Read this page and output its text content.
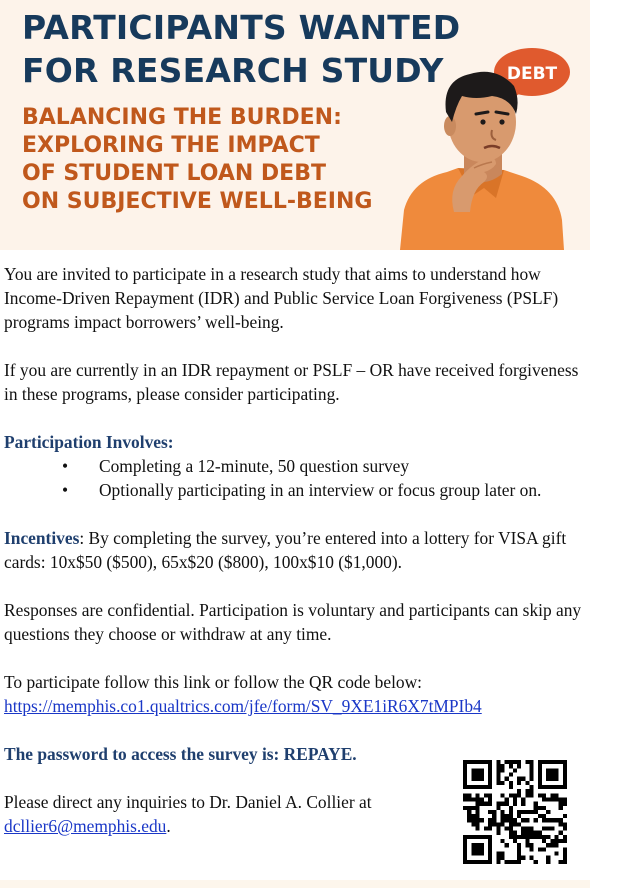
PARTICIPANTS WANTED
FOR RESEARCH STUDY
BALANCING THE BURDEN:
EXPLORING THE IMPACT
OF STUDENT LOAN DEBT
ON SUBJECTIVE WELL-BEING
DEBT

You are invited to participate in a research study that aims to understand how Income-Driven Repayment (IDR) and Public Service Loan Forgiveness (PSLF) programs impact borrowers’ well-being.

If you are currently in an IDR repayment or PSLF – OR have received forgiveness in these programs, please consider participating.

Participation Involves:

• Completing a 12-minute, 50 question survey
• Optionally participating in an interview or focus group later on.

Incentives: By completing the survey, you’re entered into a lottery for VISA gift cards: 10x$50 ($500), 65x$20 ($800), 100x$10 ($1,000).

Responses are confidential. Participation is voluntary and participants can skip any questions they choose or withdraw at any time.

To participate follow this link or follow the QR code below:

https://memphis.co1.qualtrics.com/jfe/form/SV_9XE1iR6X7tMPIb4

The password to access the survey is: REPAYE.

Please direct any inquiries to Dr. Daniel A. Collier at

dcllier6@memphis.edu.
